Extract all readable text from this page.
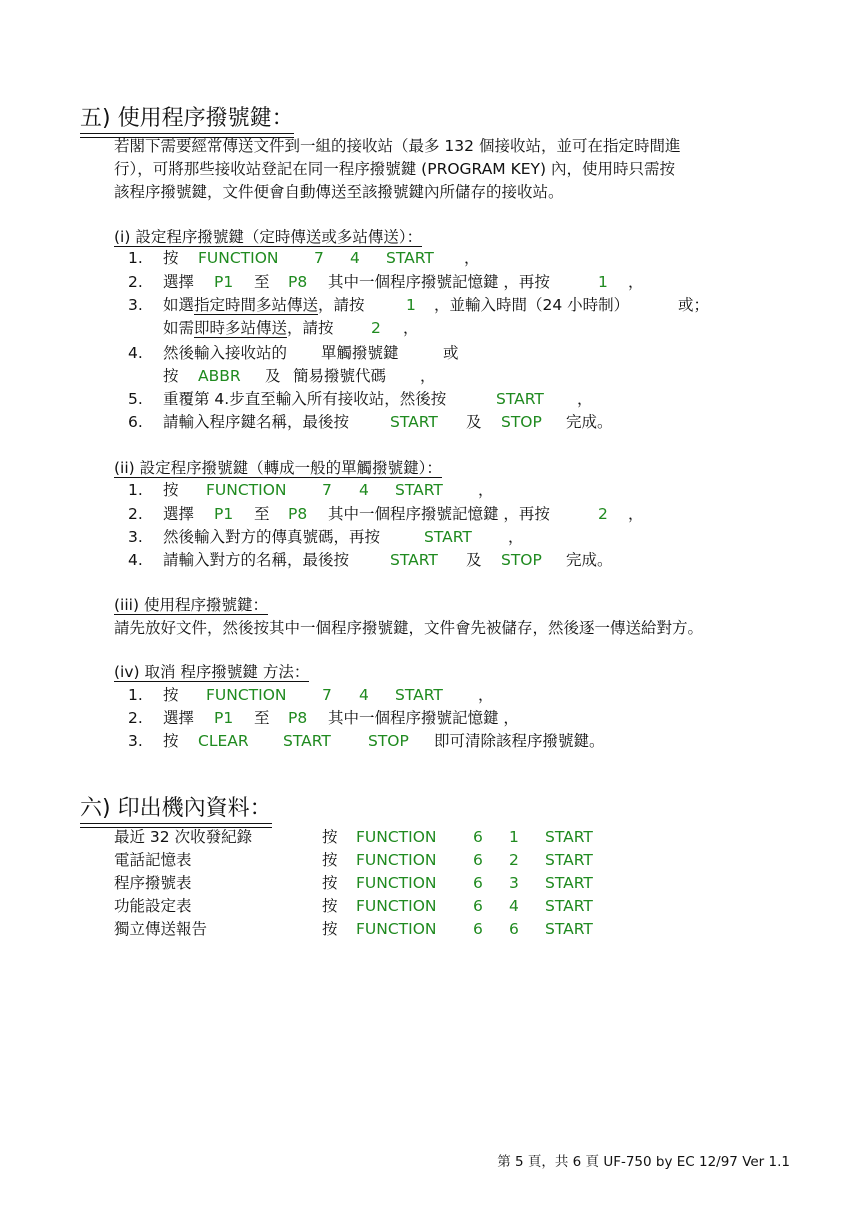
五) 使用程序撥號鍵：
若閣下需要經常傳送文件到一組的接收站（最多 132 個接收站，並可在指定時間進
行），可將那些接收站登記在同一程序撥號鍵 (PROGRAM KEY) 內，使用時只需按
該程序撥號鍵，文件便會自動傳送至該撥號鍵內所儲存的接收站。
(i) 設定程序撥號鍵（定時傳送或多站傳送）：
1. 按 FUNCTION 7 4 START ，
2. 選擇 P1 至 P8 其中一個程序撥號記憶鍵 ，再按	1 ，
3. 如選指定時間多站傳送，請按	1 ，並輸入時間（24 小時制）	或；
如需即時多站傳送，請按 2 ，
4. 然後輸入接收站的 單觸撥號鍵	或
按 ABBR 及 簡易撥號代碼 ，
5. 重覆第 4.步直至輸入所有接收站，然後按	START ，
6. 請輸入程序鍵名稱，最後按	START 及 STOP 完成。
(ii) 設定程序撥號鍵（轉成一般的單觸撥號鍵）：
1. 按 FUNCTION 7 4 START ，
2. 選擇 P1 至 P8 其中一個程序撥號記憶鍵 ，再按	2 ，
3. 然後輸入對方的傳真號碼，再按	START ，
4. 請輸入對方的名稱，最後按	START 及 STOP 完成。
(iii) 使用程序撥號鍵：
請先放好文件，然後按其中一個程序撥號鍵，文件會先被儲存，然後逐一傳送給對方。
(iv) 取消 程序撥號鍵 方法：
1. 按 FUNCTION 7 4 START ，
2. 選擇 P1 至 P8 其中一個程序撥號記憶鍵 ，
3. 按 CLEAR START STOP 即可清除該程序撥號鍵。
六) 印出機內資料：
最近 32 次收發紀錄	按 FUNCTION 6 1 START
電話記憶表	按 FUNCTION 6 2 START
程序撥號表	按 FUNCTION 6 3 START
功能設定表	按 FUNCTION 6 4 START
獨立傳送報告	按 FUNCTION 6 6 START
第 5 頁，共 6 頁 UF-750 by EC 12/97 Ver 1.1
